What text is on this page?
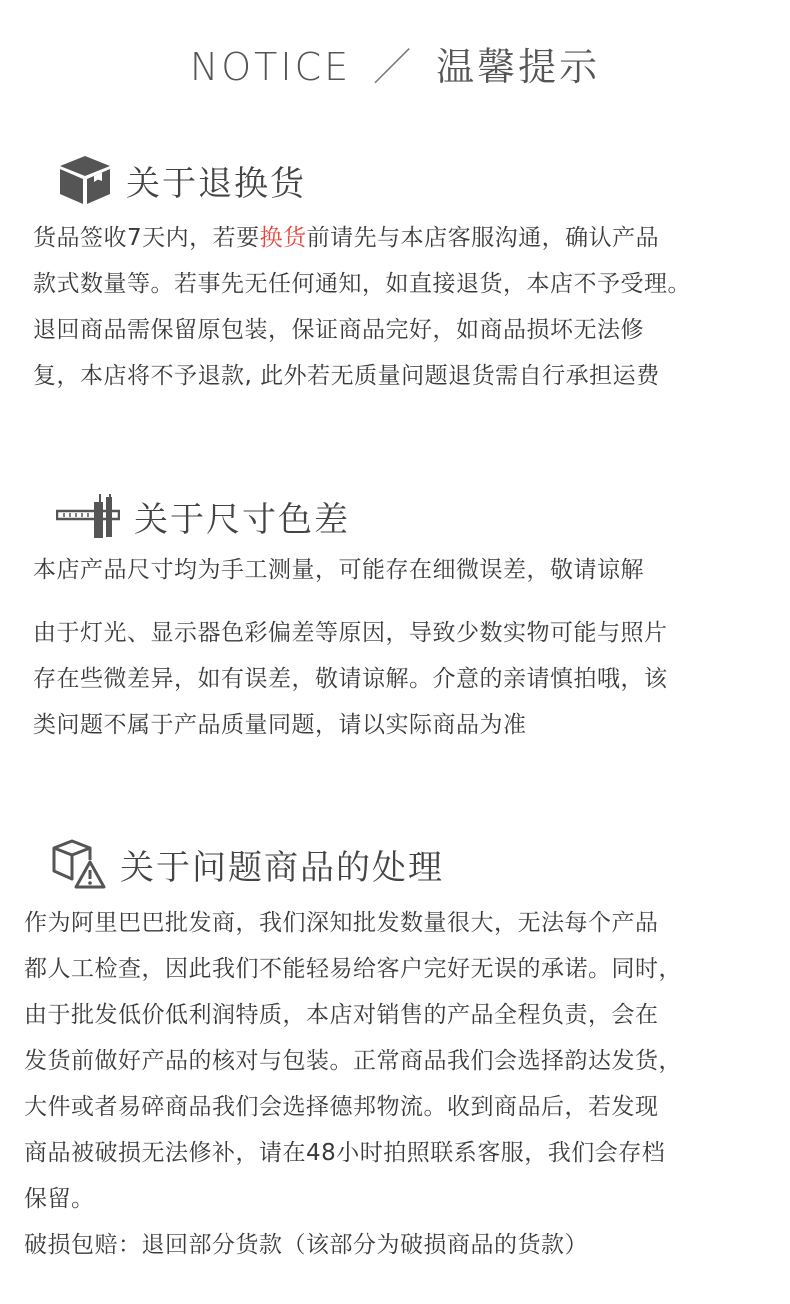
NOTICE ／ 温馨提示
关于退换货

货品签收7天内，若要换货前请先与本店客服沟通，确认产品

款式数量等。若事先无任何通知，如直接退货，本店不予受理。

退回商品需保留原包装，保证商品完好，如商品损坏无法修

复，本店将不予退款, 此外若无质量问题退货需自行承担运费

关于尺寸色差

本店产品尺寸均为手工测量，可能存在细微误差，敬请谅解

由于灯光、显示器色彩偏差等原因，导致少数实物可能与照片

存在些微差异，如有误差，敬请谅解。介意的亲请慎拍哦，该

类问题不属于产品质量同题，请以实际商品为准

关于问题商品的处理

作为阿里巴巴批发商，我们深知批发数量很大，无法每个产品

都人工检查，因此我们不能轻易给客户完好无误的承诺。同时，

由于批发低价低利润特质，本店对销售的产品全程负责，会在

发货前做好产品的核对与包装。正常商品我们会选择韵达发货，

大件或者易碎商品我们会选择德邦物流。收到商品后，若发现

商品被破损无法修补，请在48小时拍照联系客服，我们会存档

保留。

破损包赔：退回部分货款（该部分为破损商品的货款）
